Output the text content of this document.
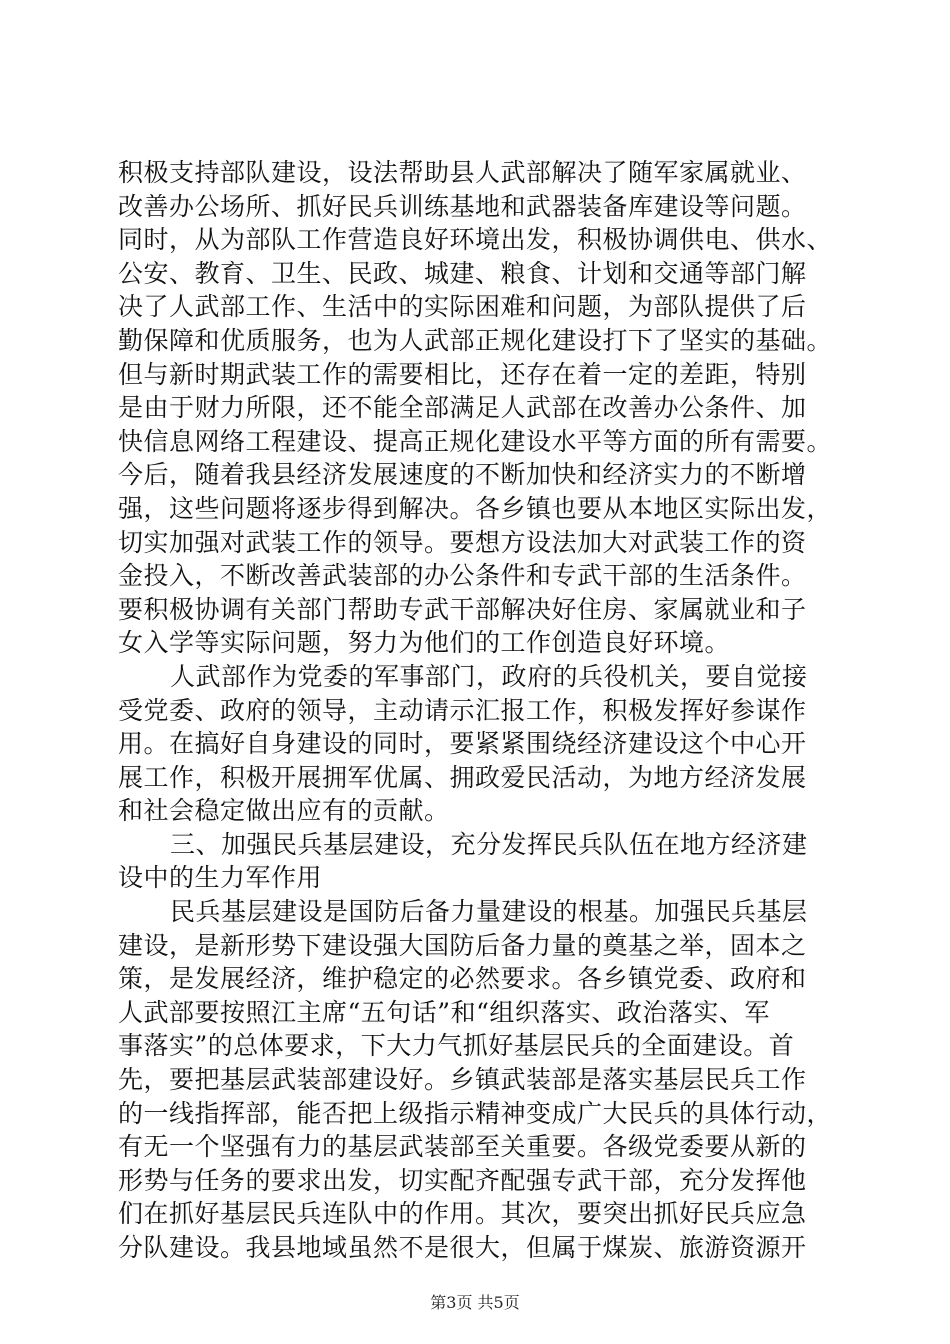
积极支持部队建设，设法帮助县人武部解决了随军家属就业、
改善办公场所、抓好民兵训练基地和武器装备库建设等问题。
同时，从为部队工作营造良好环境出发，积极协调供电、供水、
公安、教育、卫生、民政、城建、粮食、计划和交通等部门解
决了人武部工作、生活中的实际困难和问题，为部队提供了后
勤保障和优质服务，也为人武部正规化建设打下了坚实的基础。
但与新时期武装工作的需要相比，还存在着一定的差距，特别
是由于财力所限，还不能全部满足人武部在改善办公条件、加
快信息网络工程建设、提高正规化建设水平等方面的所有需要。
今后，随着我县经济发展速度的不断加快和经济实力的不断增
强，这些问题将逐步得到解决。各乡镇也要从本地区实际出发，
切实加强对武装工作的领导。要想方设法加大对武装工作的资
金投入，不断改善武装部的办公条件和专武干部的生活条件。
要积极协调有关部门帮助专武干部解决好住房、家属就业和子
女入学等实际问题，努力为他们的工作创造良好环境。
人武部作为党委的军事部门，政府的兵役机关，要自觉接
受党委、政府的领导，主动请示汇报工作，积极发挥好参谋作
用。在搞好自身建设的同时，要紧紧围绕经济建设这个中心开
展工作，积极开展拥军优属、拥政爱民活动，为地方经济发展
和社会稳定做出应有的贡献。
三、加强民兵基层建设，充分发挥民兵队伍在地方经济建
设中的生力军作用
民兵基层建设是国防后备力量建设的根基。加强民兵基层
建设，是新形势下建设强大国防后备力量的奠基之举，固本之
策，是发展经济，维护稳定的必然要求。各乡镇党委、政府和
人武部要按照江主席“五句话”和“组织落实、政治落实、军
事落实”的总体要求，下大力气抓好基层民兵的全面建设。首
先，要把基层武装部建设好。乡镇武装部是落实基层民兵工作
的一线指挥部，能否把上级指示精神变成广大民兵的具体行动，
有无一个坚强有力的基层武装部至关重要。各级党委要从新的
形势与任务的要求出发，切实配齐配强专武干部，充分发挥他
们在抓好基层民兵连队中的作用。其次，要突出抓好民兵应急
分队建设。我县地域虽然不是很大，但属于煤炭、旅游资源开
第3页 共5页
